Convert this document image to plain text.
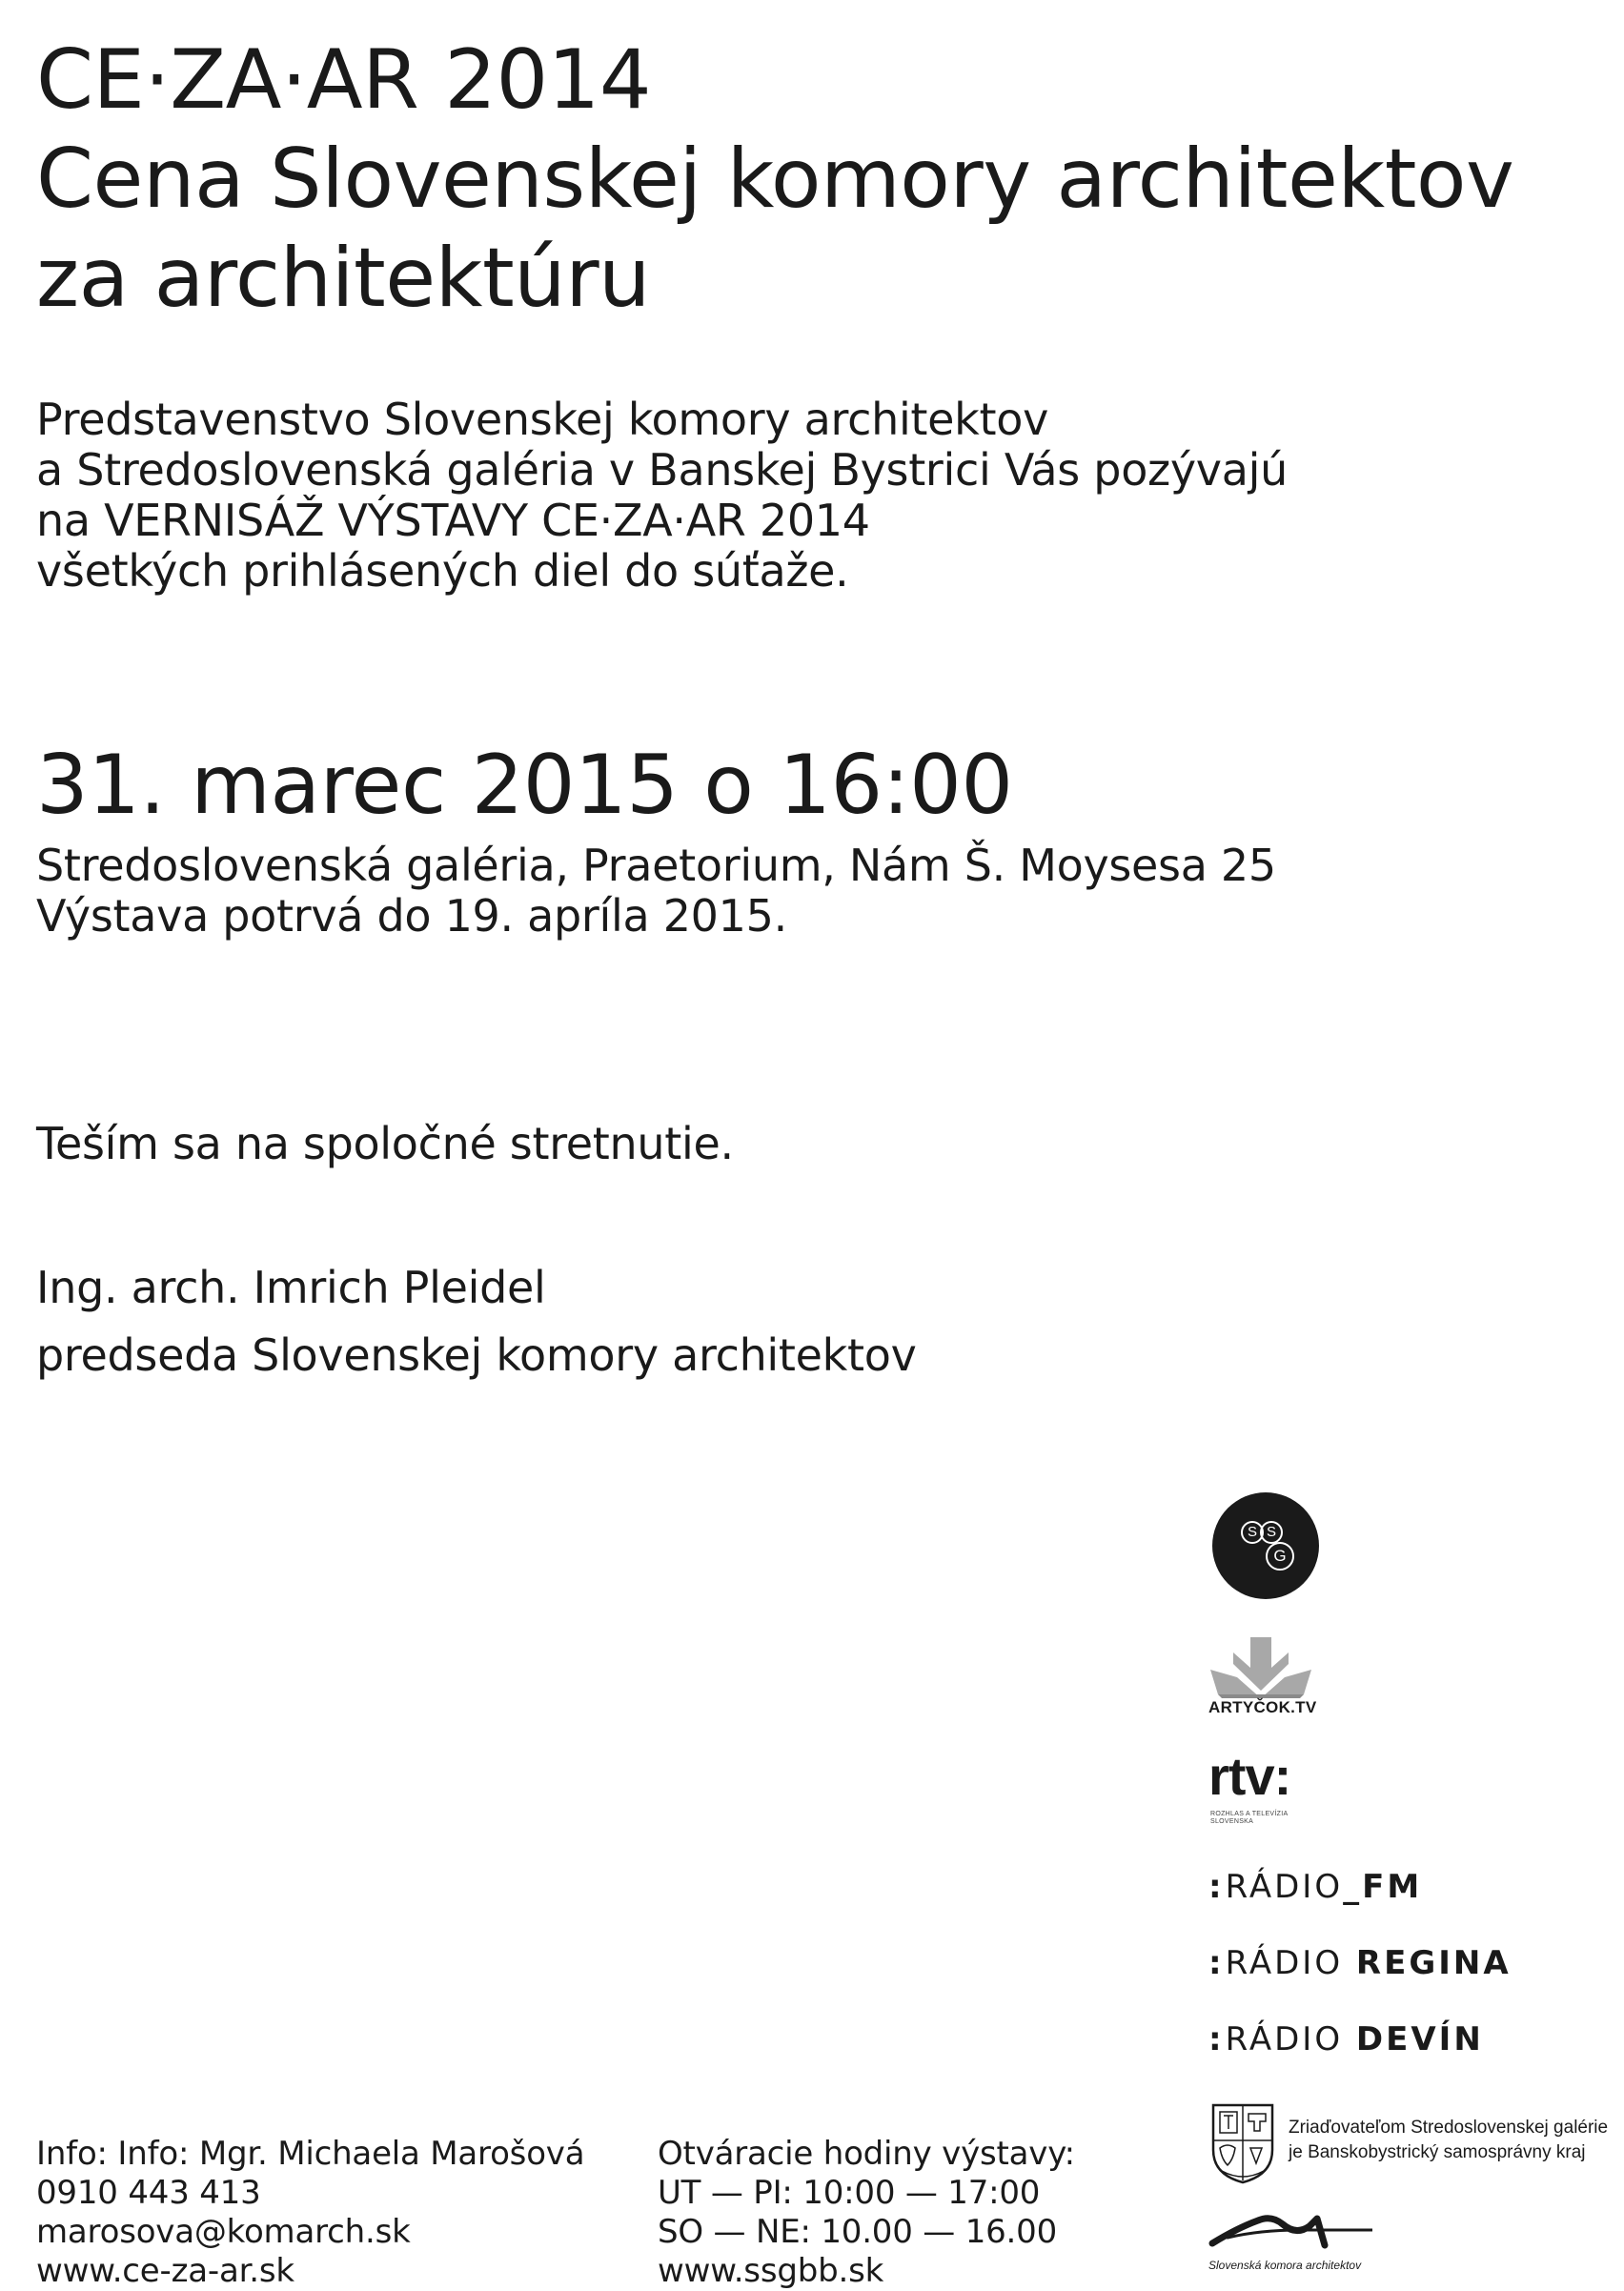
CE·ZA·AR 2014
Cena Slovenskej komory architektov
za architektúru

Predstavenstvo Slovenskej komory architektov
a Stredoslovenská galéria v Banskej Bystrici Vás pozývajú
na VERNISÁŽ VÝSTAVY CE·ZA·AR 2014
všetkých prihlásených diel do súťaže.

31. marec 2015 o 16:00

Stredoslovenská galéria, Praetorium, Nám Š. Moysesa 25
Výstava potrvá do 19. apríla 2015.

Teším sa na spoločné stretnutie.

Ing. arch. Imrich Pleidel
predseda Slovenskej komory architektov

Info: Info: Mgr. Michaela Marošová
0910 443 413
marosova@komarch.sk
www.ce-za-ar.sk
Otváracie hodiny výstavy:
UT — PI: 10:00 — 17:00
SO — NE: 10.00 — 16.00
www.ssgbb.sk
S S
G
ARTYČOK.TV
rtv:
ROZHLAS A TELEVÍZIA
SLOVENSKA
: RÁDIO_FM
: RÁDIO REGINA
: RÁDIO DEVÍN
Zriaďovateľom Stredoslovenskej galérie
je Banskobystrický samosprávny kraj
Slovenská komora architektov
